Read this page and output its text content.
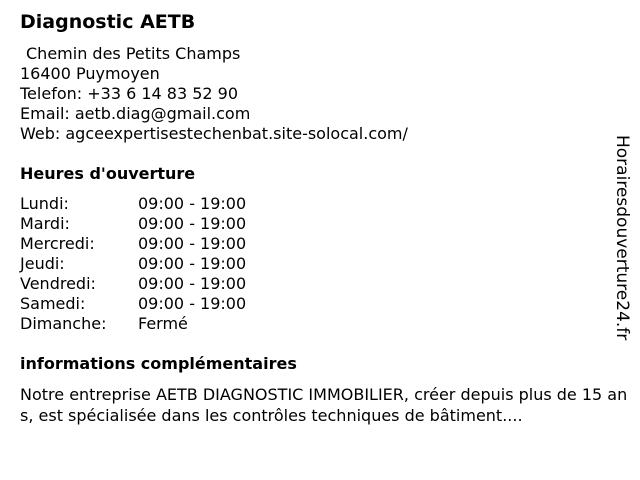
Diagnostic AETB
Chemin des Petits Champs
16400 Puymoyen
Telefon: +33 6 14 83 52 90
Email: aetb.diag@gmail.com
Web: agceexpertisestechenbat.site-solocal.com/
Heures d'ouverture
Lundi:	09:00 - 19:00
Mardi:	09:00 - 19:00
Mercredi:	09:00 - 19:00
Jeudi:	09:00 - 19:00
Vendredi:	09:00 - 19:00
Samedi:	09:00 - 19:00
Dimanche:	Fermé
informations complémentaires
Notre entreprise AETB DIAGNOSTIC IMMOBILIER, créer depuis plus de 15 ans, est spécialisée dans les contrôles techniques de bâtiment....
Horairesdouverture24.fr
